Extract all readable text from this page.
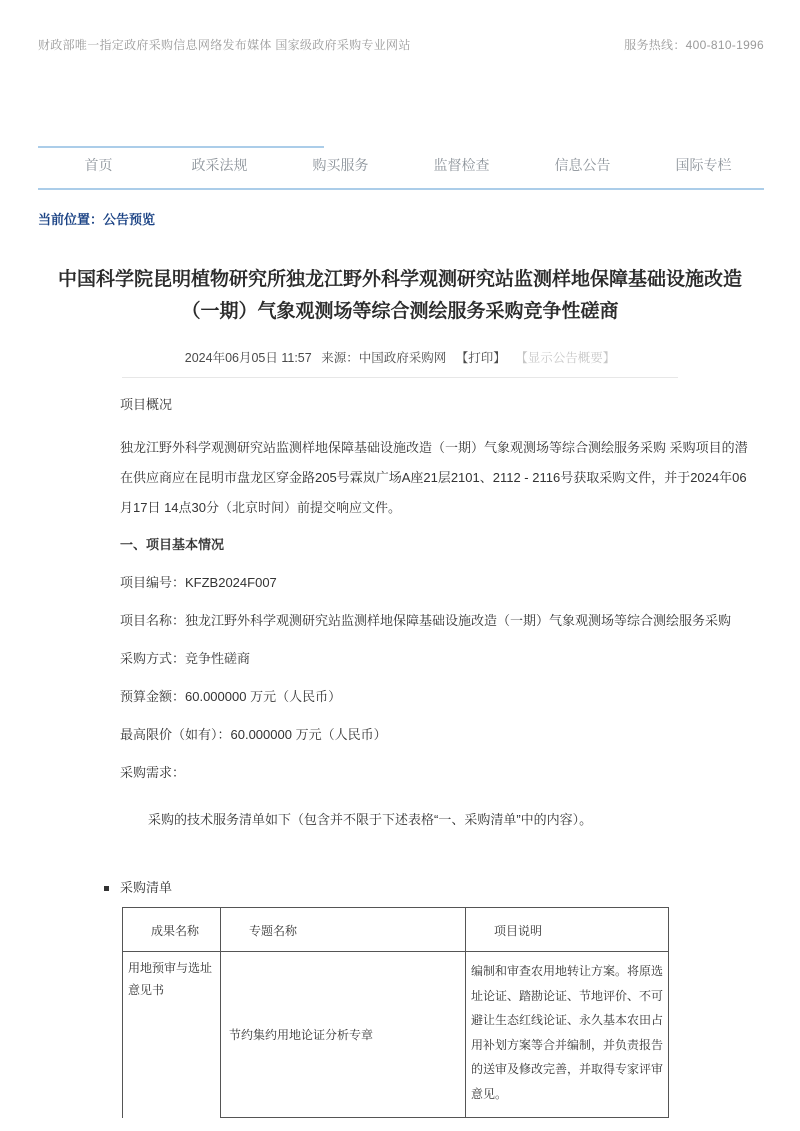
财政部唯一指定政府采购信息网络发布媒体 国家级政府采购专业网站	服务热线：400-810-1996
首页	政采法规	购买服务	监督检查	信息公告	国际专栏
当前位置：公告预览
中国科学院昆明植物研究所独龙江野外科学观测研究站监测样地保障基础设施改造（一期）气象观测场等综合测绘服务采购竞争性磋商
2024年06月05日 11:57 来源：中国政府采购网 【打印】 【显示公告概要】

项目概况

独龙江野外科学观测研究站监测样地保障基础设施改造（一期）气象观测场等综合测绘服务采购 采购项目的潜在供应商应在昆明市盘龙区穿金路205号霖岚广场A座21层2101、2112 - 2116号获取采购文件，并于2024年06月17日 14点30分（北京时间）前提交响应文件。

一、项目基本情况

项目编号：KFZB2024F007

项目名称：独龙江野外科学观测研究站监测样地保障基础设施改造（一期）气象观测场等综合测绘服务采购

采购方式：竞争性磋商

预算金额：60.000000 万元（人民币）

最高限价（如有）：60.000000 万元（人民币）

采购需求：

采购的技术服务清单如下（包含并不限于下述表格“一、采购清单”中的内容）。

采购清单
成果名称	专题名称	项目说明
用地预审与选址意见书	节约集约用地论证分析专章	编制和审查农用地转让方案。将原选址论证、踏勘论证、节地评价、不可避让生态红线论证、永久基本农田占用补划方案等合并编制，并负责报告的送审及修改完善，并取得专家评审意见。
